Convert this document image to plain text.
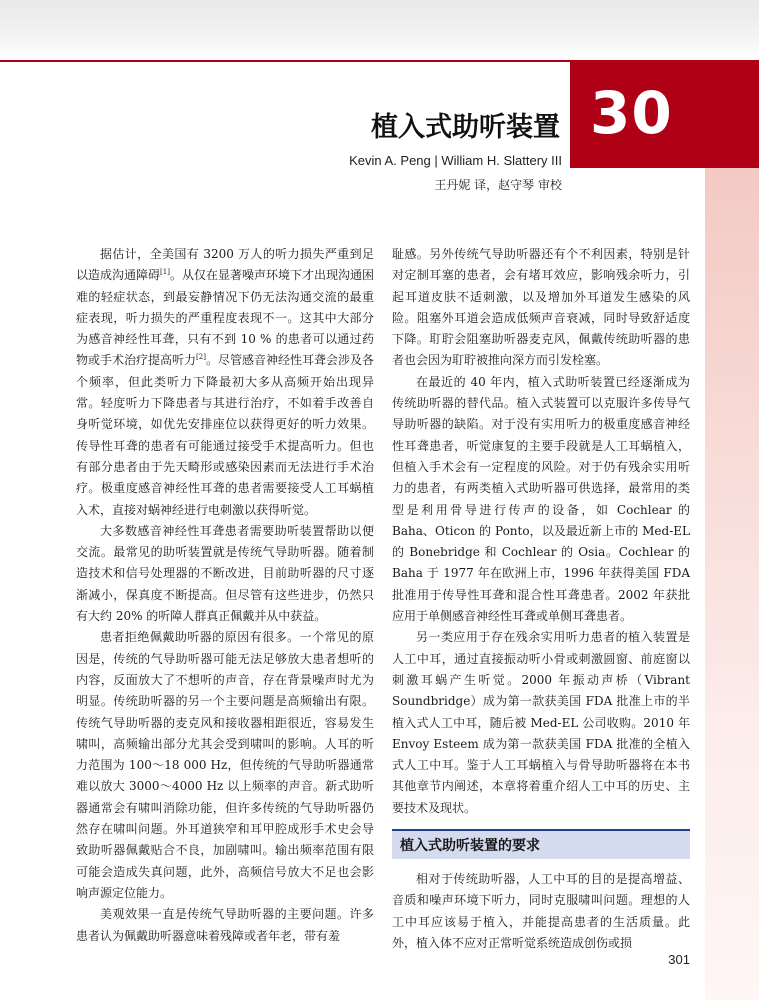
30
植入式助听装置
Kevin A. Peng | William H. Slattery III
王丹妮 译，赵守琴 审校

据估计，全美国有 3200 万人的听力损失严重到足以造成沟通障碍[1]。从仅在显著噪声环境下才出现沟通困难的轻症状态，到最妄静情况下仍无法沟通交流的最重症表现，听力损失的严重程度表现不一。这其中大部分为感音神经性耳聋，只有不到 10 % 的患者可以通过药物或手术治疗提高听力[2]。尽管感音神经性耳聋会涉及各个频率，但此类听力下降最初大多从高频开始出现异常。轻度听力下降患者与其进行治疗，不如着手改善自身听觉环境，如优先安排座位以获得更好的听力效果。传导性耳聋的患者有可能通过接受手术提高听力。但也有部分患者由于先天畸形或感染因素而无法进行手术治疗。极重度感音神经性耳聋的患者需要接受人工耳蜗植入术，直接对蜗神经进行电刺激以获得听觉。

大多数感音神经性耳聋患者需要助听装置帮助以便交流。最常见的助听装置就是传统气导助听器。随着制造技术和信号处理器的不断改进，目前助听器的尺寸逐渐减小，保真度不断提高。但尽管有这些进步，仍然只有大约 20% 的听障人群真正佩戴并从中获益。

患者拒绝佩戴助听器的原因有很多。一个常见的原因是，传统的气导助听器可能无法足够放大患者想听的内容，反面放大了不想听的声音，存在背景噪声时尤为明显。传统助听器的另一个主要问题是高频输出有限。传统气导助听器的麦克风和接收器相距很近，容易发生啸叫，高频输出部分尤其会受到啸叫的影响。人耳的听力范围为 100～18 000 Hz，但传统的气导助听器通常难以放大 3000～4000 Hz 以上频率的声音。新式助听器通常会有啸叫消除功能，但许多传统的气导助听器仍然存在啸叫问题。外耳道狭窄和耳甲腔成形手术史会导致助听器佩戴贴合不良，加剧啸叫。输出频率范围有限可能会造成失真问题，此外，高频信号放大不足也会影响声源定位能力。

美观效果一直是传统气导助听器的主要问题。许多患者认为佩戴助听器意味着残障或者年老，带有羞

耻感。另外传统气导助听器还有个不利因素，特别是针对定制耳塞的患者，会有堵耳效应，影响残余听力，引起耳道皮肤不适刺激，以及增加外耳道发生感染的风险。阻塞外耳道会造成低频声音衰减，同时导致舒适度下降。耵聍会阻塞助听器麦克风，佩戴传统助听器的患者也会因为耵聍被推向深方而引发栓塞。

在最近的 40 年内，植入式助听装置已经逐渐成为传统助听器的替代品。植入式装置可以克服许多传导气导助听器的缺陷。对于没有实用听力的极重度感音神经性耳聋患者，听觉康复的主要手段就是人工耳蜗植入，但植入手术会有一定程度的风险。对于仍有残余实用听力的患者，有两类植入式助听器可供选择，最常用的类型是利用骨导进行传声的设备，如 Cochlear 的 Baha、Oticon 的 Ponto，以及最近新上市的 Med-EL 的 Bonebridge 和 Cochlear 的 Osia。Cochlear 的 Baha 于 1977 年在欧洲上市，1996 年获得美国 FDA 批准用于传导性耳聋和混合性耳聋患者。2002 年获批应用于单侧感音神经性耳聋或单侧耳聋患者。

另一类应用于存在残余实用听力患者的植入装置是人工中耳，通过直接振动听小骨或刺激圆窗、前庭窗以刺激耳蜗产生听觉。2000 年振动声桥（Vibrant Soundbridge）成为第一款获美国 FDA 批准上市的半植入式人工中耳，随后被 Med-EL 公司收购。2010 年 Envoy Esteem 成为第一款获美国 FDA 批准的全植入式人工中耳。鉴于人工耳蜗植入与骨导助听器将在本书其他章节内阐述，本章将着重介绍人工中耳的历史、主要技术及现状。

植入式助听装置的要求

相对于传统助听器，人工中耳的目的是提高增益、音质和噪声环境下听力，同时克服啸叫问题。理想的人工中耳应该易于植入，并能提高患者的生活质量。此外，植入体不应对正常听觉系统造成创伤或损

301
